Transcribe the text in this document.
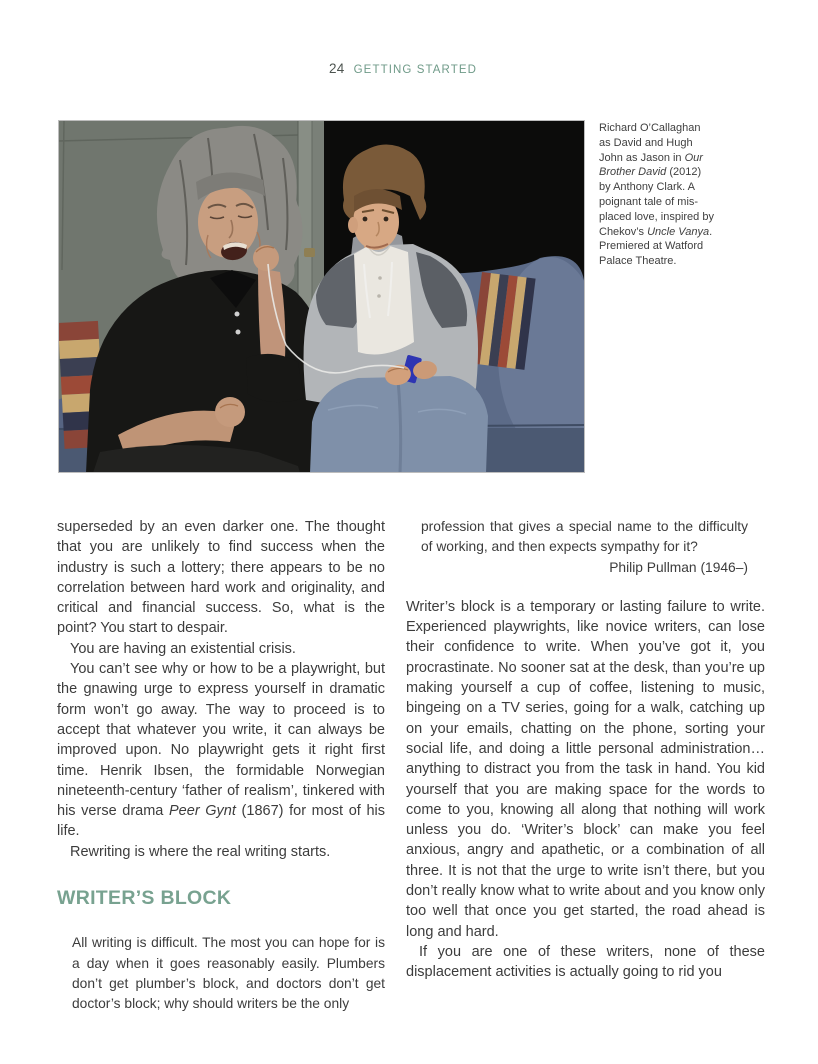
24 GETTING STARTED
Richard O’Callaghan
as David and Hugh
John as Jason in Our
Brother David (2012)
by Anthony Clark. A
poignant tale of mis-
placed love, inspired by
Chekov’s Uncle Vanya.
Premiered at Watford
Palace Theatre.

superseded by an even darker one. The thought that you are unlikely to find success when the industry is such a lottery; there appears to be no correlation between hard work and originality, and critical and financial success. So, what is the point? You start to despair.

You are having an existential crisis.

You can’t see why or how to be a playwright, but the gnawing urge to express yourself in dramatic form won’t go away. The way to proceed is to accept that whatever you write, it can always be improved upon. No playwright gets it right first time. Henrik Ibsen, the formidable Norwegian nineteenth-century ‘father of realism’, tinkered with his verse drama Peer Gynt (1867) for most of his life.

Rewriting is where the real writing starts.

WRITER’S BLOCK
All writing is difficult. The most you can hope for is a day when it goes reasonably easily. Plumbers don’t get plumber’s block, and doctors don’t get doctor’s block; why should writers be the only
profession that gives a special name to the difficulty of working, and then expects sympathy for it?

Philip Pullman (1946–)

Writer’s block is a temporary or lasting failure to write. Experienced playwrights, like novice writers, can lose their confidence to write. When you’ve got it, you procrastinate. No sooner sat at the desk, than you’re up making yourself a cup of coffee, listening to music, bingeing on a TV series, going for a walk, catching up on your emails, chatting on the phone, sorting your social life, and doing a little personal administration… anything to distract you from the task in hand. You kid yourself that you are making space for the words to come to you, knowing all along that nothing will work unless you do. ‘Writer’s block’ can make you feel anxious, angry and apathetic, or a combination of all three. It is not that the urge to write isn’t there, but you don’t really know what to write about and you know only too well that once you get started, the road ahead is long and hard.

If you are one of these writers, none of these displacement activities is actually going to rid you
